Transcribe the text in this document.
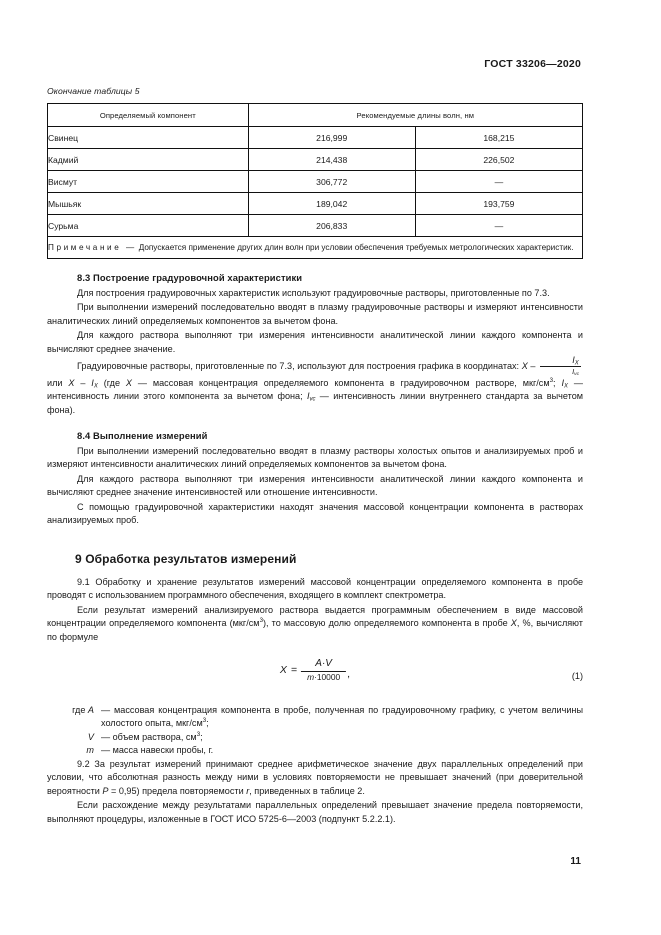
ГОСТ 33206—2020
Окончание таблицы 5
Определяемый компонент	Рекомендуемые длины волн, нм	
Свинец	216,999	168,215
Кадмий	214,438	226,502
Висмут	306,772	—
Мышьяк	189,042	193,759
Сурьма	206,833	—
Примечание  —  Допускается применение других длин волн при условии обеспечения требуемых метрологических характеристик.		
8.3 Построение градуровочной характеристики

Для построения градуировочных характеристик используют градуировочные растворы, приготовленные по 7.3.

При выполнении измерений последовательно вводят в плазму градуировочные растворы и измеряют интенсивности аналитических линий определяемых компонентов за вычетом фона.

Для каждого раствора выполняют три измерения интенсивности аналитической линии каждого компонента и вычисляют среднее значение.

Градуировочные растворы, приготовленные по 7.3, используют для построения графика в координатах: X – $\frac{I_X}{I_{vc}}$
или X – $I_X$ (где X — массовая концентрация определяемого компонента в градуировочном растворе, мкг/$см^3$; $I_X$ — интенсивность линии этого компонента за вычетом фона; $I_{vc}$ — интенсивность линии внутреннего стандарта за вычетом фона).

8.4 Выполнение измерений

При выполнении измерений последовательно вводят в плазму растворы холостых опытов и анализируемых проб и измеряют интенсивности аналитических линий определяемых компонентов за вычетом фона.

Для каждого раствора выполняют три измерения интенсивности аналитической линии каждого компонента и вычисляют среднее значение интенсивностей или отношение интенсивности.

С помощью градуировочной характеристики находят значения массовой концентрации компонента в растворах анализируемых проб.

9 Обработка результатов измерений

9.1 Обработку и хранение результатов измерений массовой концентрации определяемого компонента в пробе проводят с использованием программного обеспечения, входящего в комплект спектрометра.

Если результат измерений анализируемого раствора выдается программным обеспечением в виде массовой концентрации определяемого компонента $(мкг/см^3)$, то массовую долю определяемого компонента в пробе X, %, вычисляют по формуле

X =
A·V
m·10000 ,	(1)
где A — массовая концентрация компонента в пробе, полученная по градуировочному графику, с учетом величины холостого опыта, мкг/$см^3$;
V — объем раствора, $см^3$;
m — масса навески пробы, г.

9.2 За результат измерений принимают среднее арифметическое значение двух параллельных определений при условии, что абсолютная разность между ними в условиях повторяемости не превышает значений (при доверительной вероятности P = 0,95) предела повторяемости r, приведенных в таблице 2.

Если расхождение между результатами параллельных определений превышает значение предела повторяемости, выполняют процедуры, изложенные в ГОСТ ИСО 5725-6—2003 (подпункт 5.2.2.1).

11
